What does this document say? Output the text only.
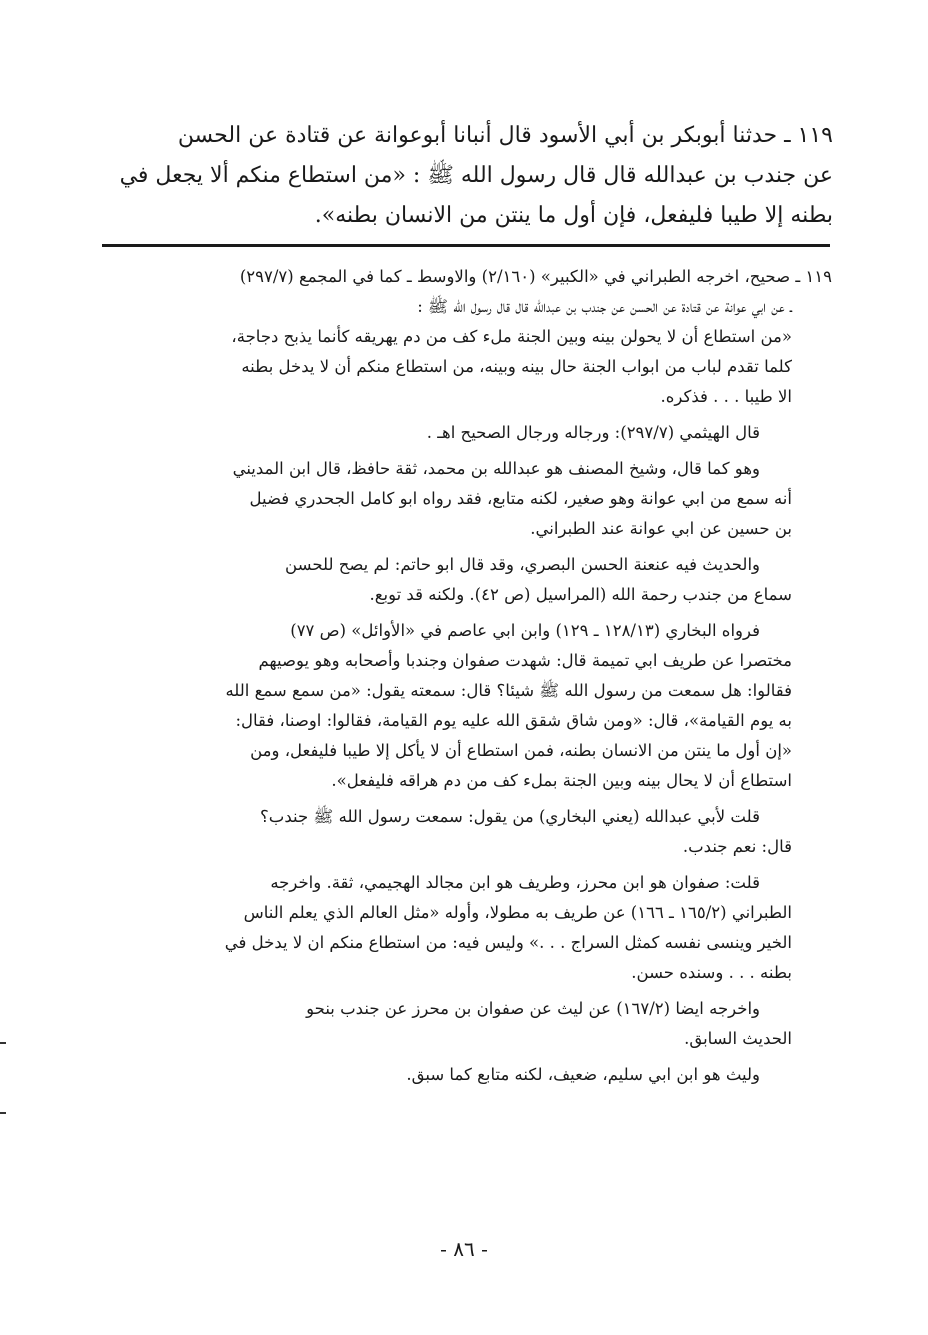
١١٩ ـ حدثنا أبوبكر بن أبي الأسود قال أنبانا أبوعوانة عن قتادة عن الحسن

عن جندب بن عبدالله قال قال رسول الله ﷺ : «من استطاع منكم ألا يجعل في

بطنه إلا طيبا فليفعل، فإن أول ما ينتن من الانسان بطنه».

١١٩ ـ صحيح، اخرجه الطبراني في «الكبير» (٢/١٦٠) والاوسط ـ كما في المجمع (٢٩٧/٧)
ـ عن ابي عوانة عن قتادة عن الحسن عن جندب بن عبدالله قال قال رسول الله ﷺ :
«من استطاع أن لا يحولن بينه وبين الجنة ملء كف من دم يهريقه كأنما يذبح دجاجة،
كلما تقدم لباب من ابواب الجنة حال بينه وبينه، من استطاع منكم أن لا يدخل بطنه
الا طيبا . . . فذكره.
قال الهيثمي (٢٩٧/٧): ورجاله ورجال الصحيح اهـ .
وهو كما قال، وشيخ المصنف هو عبدالله بن محمد، ثقة حافظ، قال ابن المديني
أنه سمع من ابي عوانة وهو صغير، لكنه متابع، فقد رواه ابو كامل الجحدري فضيل
بن حسين عن ابي عوانة عند الطبراني.
والحديث فيه عنعنة الحسن البصري، وقد قال ابو حاتم: لم يصح للحسن
سماع من جندب رحمة الله (المراسيل (ص ٤٢). ولكنه قد توبع.
فرواه البخاري (١٢٨/١٣ ـ ١٢٩) وابن ابي عاصم في «الأوائل» (ص ٧٧)
مختصرا عن طريف ابي تميمة قال: شهدت صفوان وجندبا وأصحابه وهو يوصيهم
فقالوا: هل سمعت من رسول الله ﷺ شيئا؟ قال: سمعته يقول: «من سمع سمع الله
به يوم القيامة»، قال: «ومن شاق شقق الله عليه يوم القيامة، فقالوا: اوصنا، فقال:
«إن أول ما ينتن من الانسان بطنه، فمن استطاع أن لا يأكل إلا طيبا فليفعل، ومن
استطاع أن لا يحال بينه وبين الجنة بملء كف من دم هراقه فليفعل».
قلت لأبي عبدالله (يعني البخاري) من يقول: سمعت رسول الله ﷺ جندب؟
قال: نعم جندب.
قلت: صفوان هو ابن محرز، وطريف هو ابن مجالد الهجيمي، ثقة. واخرجه
الطبراني (١٦٥/٢ ـ ١٦٦) عن طريف به مطولا، وأوله «مثل العالم الذي يعلم الناس
الخير وينسى نفسه كمثل السراج . . .» وليس فيه: من استطاع منكم ان لا يدخل في
بطنه . . . وسنده حسن.
واخرجه ايضا (١٦٧/٢) عن ليث عن صفوان بن محرز عن جندب بنحو
الحديث السابق.
وليث هو ابن ابي سليم، ضعيف، لكنه متابع كما سبق.
- ٨٦ -
